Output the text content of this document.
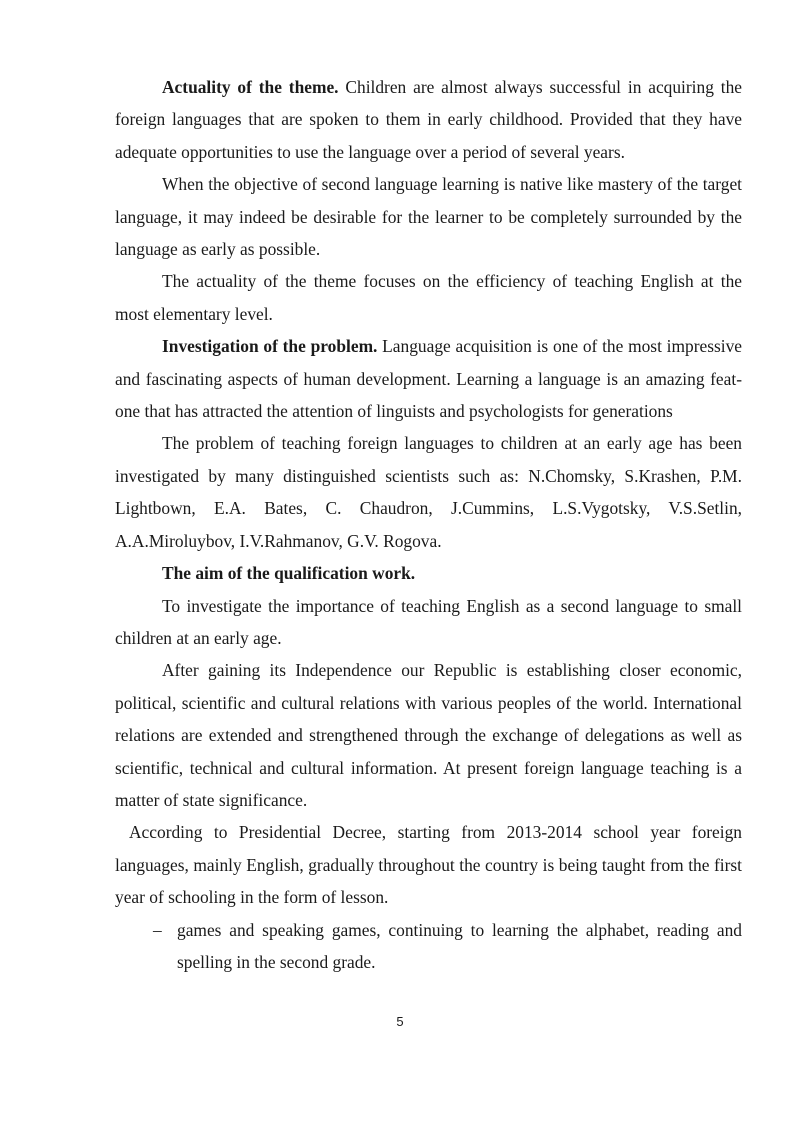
Actuality of the theme. Children are almost always successful in acquiring the foreign languages that are spoken to them in early childhood. Provided that they have adequate opportunities to use the language over a period of several years.

When the objective of second language learning is native like mastery of the target language, it may indeed be desirable for the learner to be completely surrounded by the language as early as possible.

The actuality of the theme focuses on the efficiency of teaching English at the most elementary level.

Investigation of the problem. Language acquisition is one of the most impressive and fascinating aspects of human development. Learning a language is an amazing feat-one that has attracted the attention of linguists and psychologists for generations

The problem of teaching foreign languages to children at an early age has been investigated by many distinguished scientists such as: N.Chomsky, S.Krashen, P.M. Lightbown, E.A. Bates, C. Chaudron, J.Cummins, L.S.Vygotsky, V.S.Setlin, A.A.Miroluybov, I.V.Rahmanov, G.V. Rogova.

The aim of the qualification work.

To investigate the importance of teaching English as a second language to small children at an early age.

After gaining its Independence our Republic is establishing closer economic, political, scientific and cultural relations with various peoples of the world. International relations are extended and strengthened through the exchange of delegations as well as scientific, technical and cultural information. At present foreign language teaching is a matter of state significance.

According to Presidential Decree, starting from 2013-2014 school year foreign languages, mainly English, gradually throughout the country is being taught from the first year of schooling in the form of lesson.

– games and speaking games, continuing to learning the alphabet, reading and spelling in the second grade.
5
